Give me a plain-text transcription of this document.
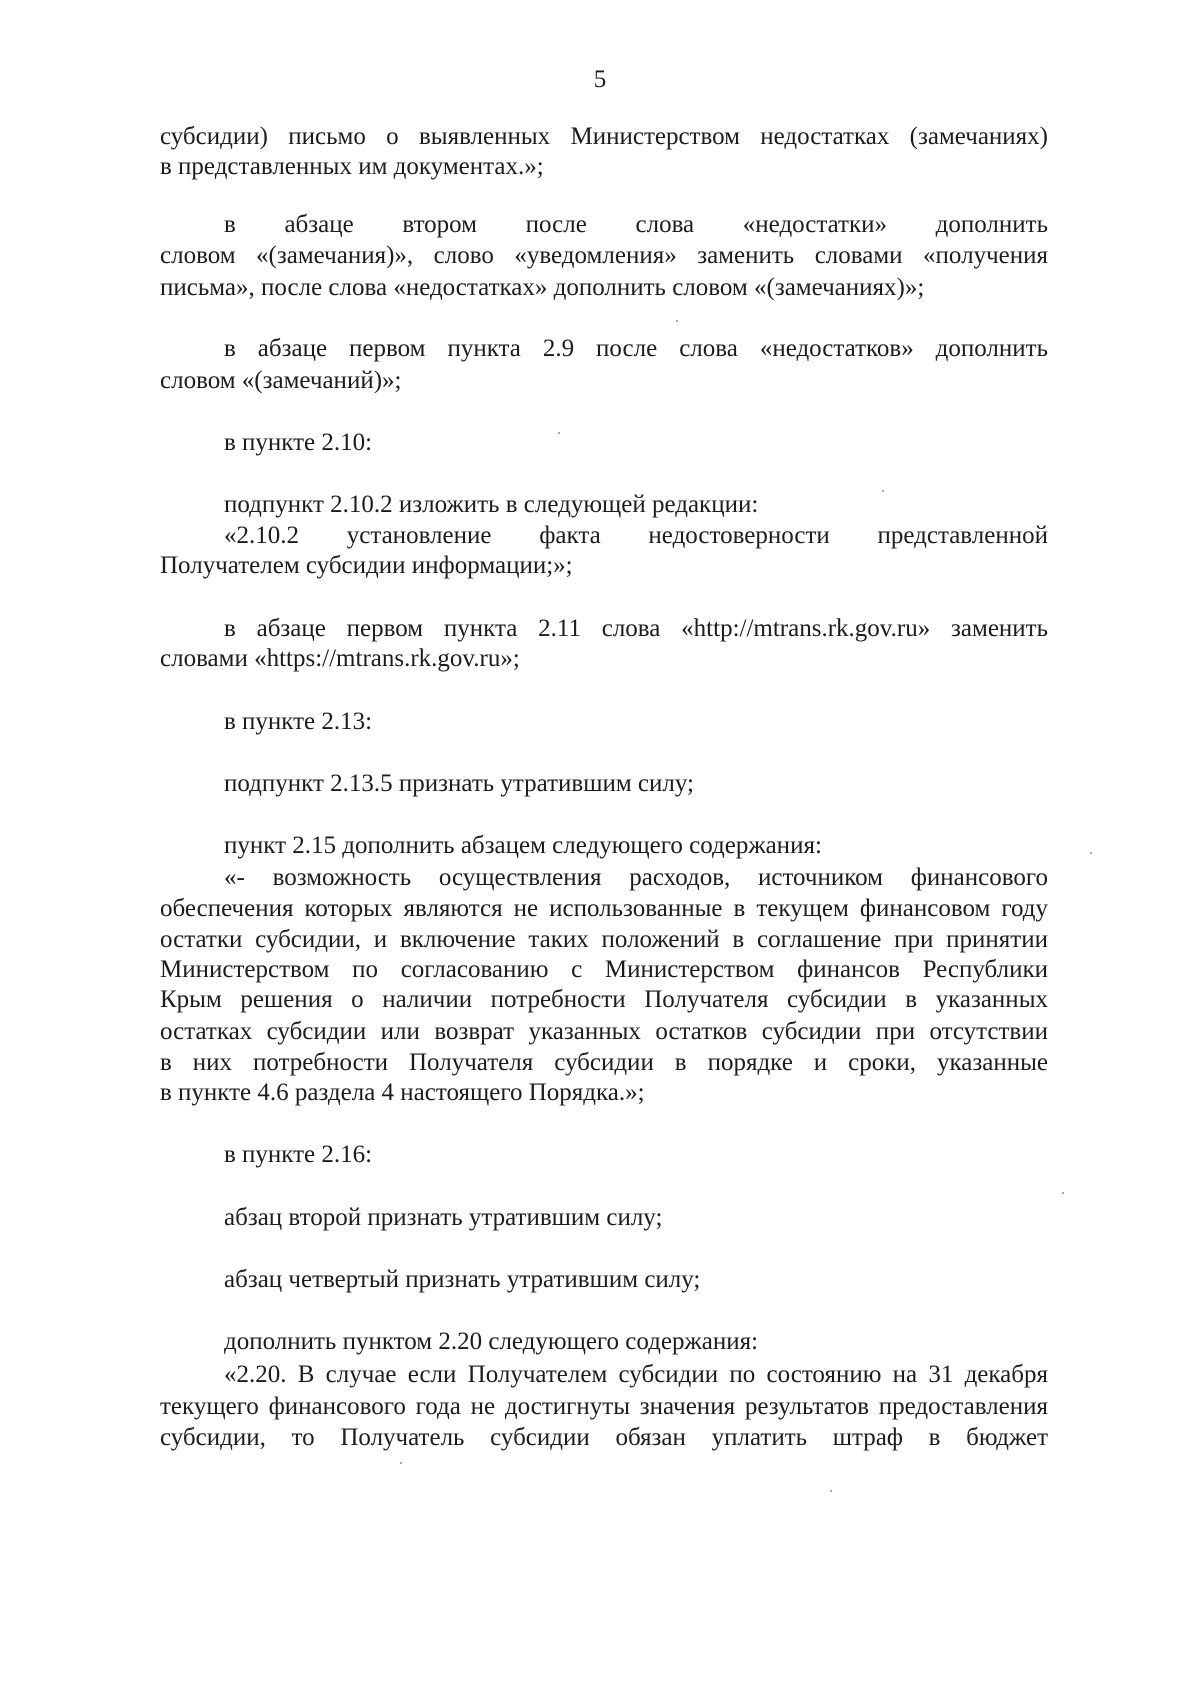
5
субсидии) письмо о выявленных Министерством недостатках (замечаниях)
в представленных им документах.»;
в абзаце втором после слова «недостатки» дополнить
словом «(замечания)», слово «уведомления» заменить словами «получения
письма», после слова «недостатках» дополнить словом «(замечаниях)»;
в абзаце первом пункта 2.9 после слова «недостатков» дополнить
словом «(замечаний)»;
в пункте 2.10:
подпункт 2.10.2 изложить в следующей редакции:
«2.10.2 установление факта недостоверности представленной
Получателем субсидии информации;»;
в абзаце первом пункта 2.11 слова «http://mtrans.rk.gov.ru» заменить
словами «https://mtrans.rk.gov.ru»;
в пункте 2.13:
подпункт 2.13.5 признать утратившим силу;
пункт 2.15 дополнить абзацем следующего содержания:
«- возможность осуществления расходов, источником финансового
обеспечения которых являются не использованные в текущем финансовом году
остатки субсидии, и включение таких положений в соглашение при принятии
Министерством по согласованию с Министерством финансов Республики
Крым решения о наличии потребности Получателя субсидии в указанных
остатках субсидии или возврат указанных остатков субсидии при отсутствии
в них потребности Получателя субсидии в порядке и сроки, указанные
в пункте 4.6 раздела 4 настоящего Порядка.»;
в пункте 2.16:
абзац второй признать утратившим силу;
абзац четвертый признать утратившим силу;
дополнить пунктом 2.20 следующего содержания:
«2.20. В случае если Получателем субсидии по состоянию на 31 декабря
текущего финансового года не достигнуты значения результатов предоставления
субсидии, то Получатель субсидии обязан уплатить штраф в бюджет
